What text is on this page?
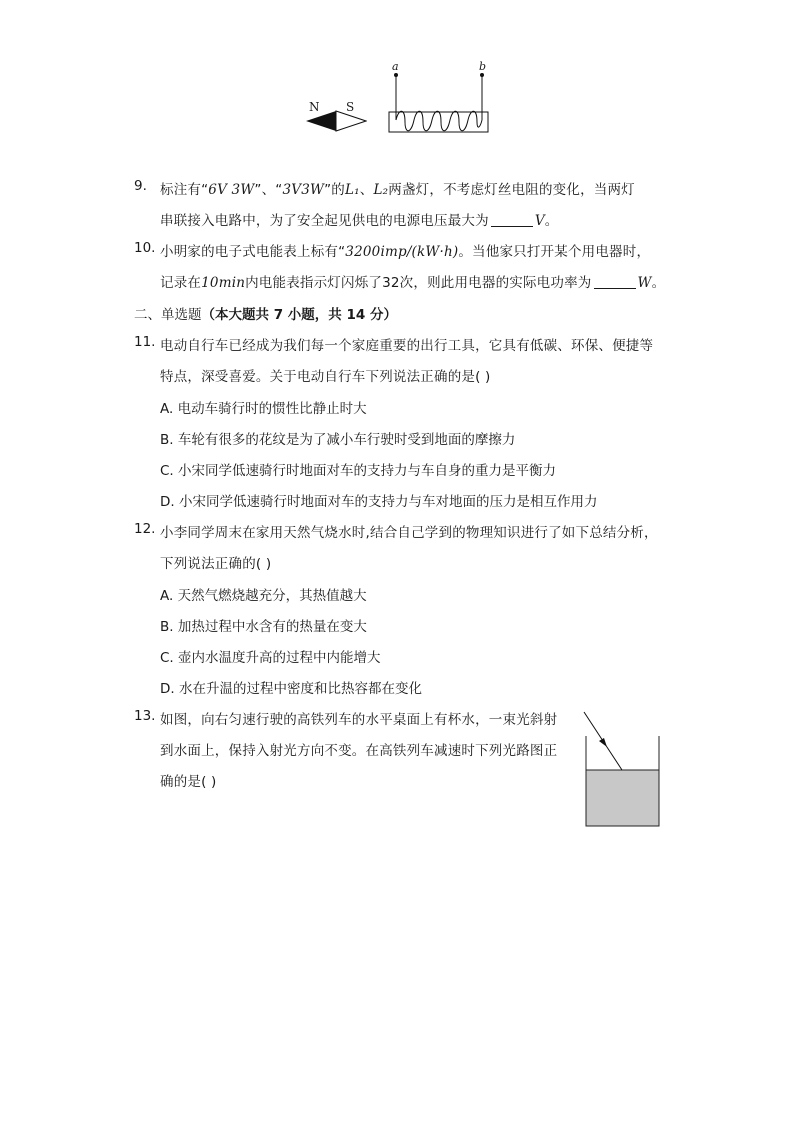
N S
a	b
9. 标注有“6V 3W”、“3V3W”的L₁、L₂两盏灯，不考虑灯丝电阻的变化，当两灯
串联接入电路中，为了安全起见供电的电源电压最大为	V。
10. 小明家的电子式电能表上标有“3200imp/(kW·h)。当他家只打开某个用电器时，
记录在10min内电能表指示灯闪烁了32次，则此用电器的实际电功率为	W。
二、单选题（本大题共 7 小题，共 14 分）
11. 电动自行车已经成为我们每一个家庭重要的出行工具，它具有低碳、环保、便捷等
特点，深受喜爱。关于电动自行车下列说法正确的是( )
A. 电动车骑行时的惯性比静止时大
B. 车轮有很多的花纹是为了减小车行驶时受到地面的摩擦力
C. 小宋同学低速骑行时地面对车的支持力与车自身的重力是平衡力
D. 小宋同学低速骑行时地面对车的支持力与车对地面的压力是相互作用力
12. 小李同学周末在家用天然气烧水时,结合自己学到的物理知识进行了如下总结分析，
下列说法正确的( )
A. 天然气燃烧越充分，其热值越大
B. 加热过程中水含有的热量在变大
C. 壶内水温度升高的过程中内能增大
D. 水在升温的过程中密度和比热容都在变化
13. 如图，向右匀速行驶的高铁列车的水平桌面上有杯水，一束光斜射
到水面上，保持入射光方向不变。在高铁列车减速时下列光路图正
确的是( )
